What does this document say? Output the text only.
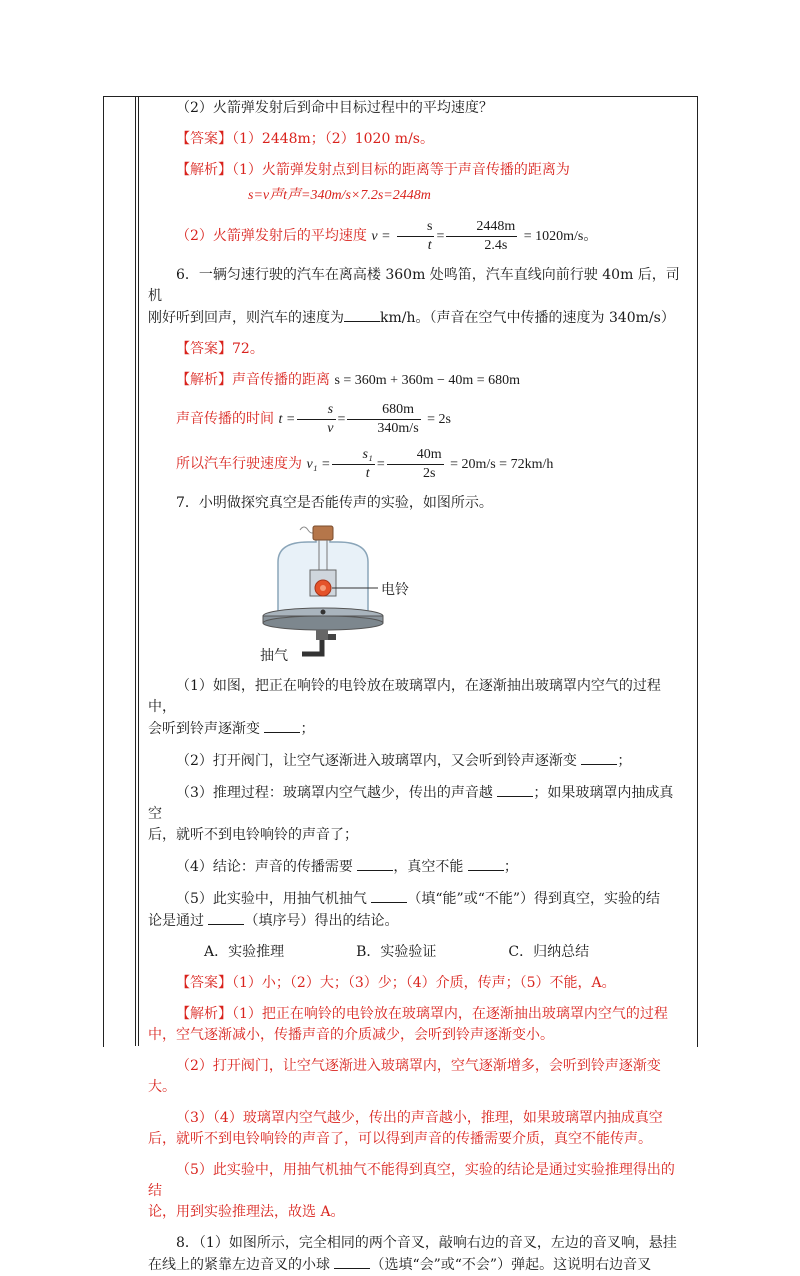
（2）火箭弹发射后到命中目标过程中的平均速度？

【答案】（1）2448m；（2）1020 m/s。

【解析】（1）火箭弹发射点到目标的距离等于声音传播的距离为

s=v声t声=340m/s×7.2s=2448m

（2）火箭弹发射后的平均速度 $v = \frac{s}{t} = \frac{2448m}{2.4s} = 1020m/s$。

6．一辆匀速行驶的汽车在离高楼 360m 处鸣笛，汽车直线向前行驶 40m 后，司机

刚好听到回声，则汽车的速度为	km/h。（声音在空气中传播的速度为 340m/s）

【答案】72。

【解析】声音传播的距离 s = 360m + 360m − 40m = 680m

声音传播的时间 $t = \frac{s}{v} = \frac{680m}{340m/s} = 2s$

所以汽车行驶速度为 $v_1 = \frac{\text{s₁}}{t} = \frac{40m}{2s} = 20m/s = 72km/h$

7．小明做探究真空是否能传声的实验，如图所示。

电铃
抽气

（1）如图，把正在响铃的电铃放在玻璃罩内，在逐渐抽出玻璃罩内空气的过程中，

会听到铃声逐渐变	；

（2）打开阀门，让空气逐渐进入玻璃罩内，又会听到铃声逐渐变	；

（3）推理过程：玻璃罩内空气越少，传出的声音越	；如果玻璃罩内抽成真空

后，就听不到电铃响铃的声音了；

（4）结论：声音的传播需要	，真空不能	；

（5）此实验中，用抽气机抽气	（填“能”或“不能”）得到真空，实验的结

论是通过	（填序号）得出的结论。

A．实验推理	B．实验验证	C．归纳总结

【答案】（1）小；（2）大；（3）少；（4）介质，传声；（5）不能，A。

【解析】（1）把正在响铃的电铃放在玻璃罩内，在逐渐抽出玻璃罩内空气的过程

中，空气逐渐减小，传播声音的介质减少，会听到铃声逐渐变小。

（2）打开阀门，让空气逐渐进入玻璃罩内，空气逐渐增多，会听到铃声逐渐变大。

（3）（4）玻璃罩内空气越少，传出的声音越小，推理，如果玻璃罩内抽成真空

后，就听不到电铃响铃的声音了，可以得到声音的传播需要介质，真空不能传声。

（5）此实验中，用抽气机抽气不能得到真空，实验的结论是通过实验推理得出的结

论，用到实验推理法，故选 A。

8．（1）如图所示，完全相同的两个音叉，敲响右边的音叉，左边的音叉响，悬挂

在线上的紧靠左边音叉的小球	（选填“会”或“不会”）弹起。这说明右边音叉
